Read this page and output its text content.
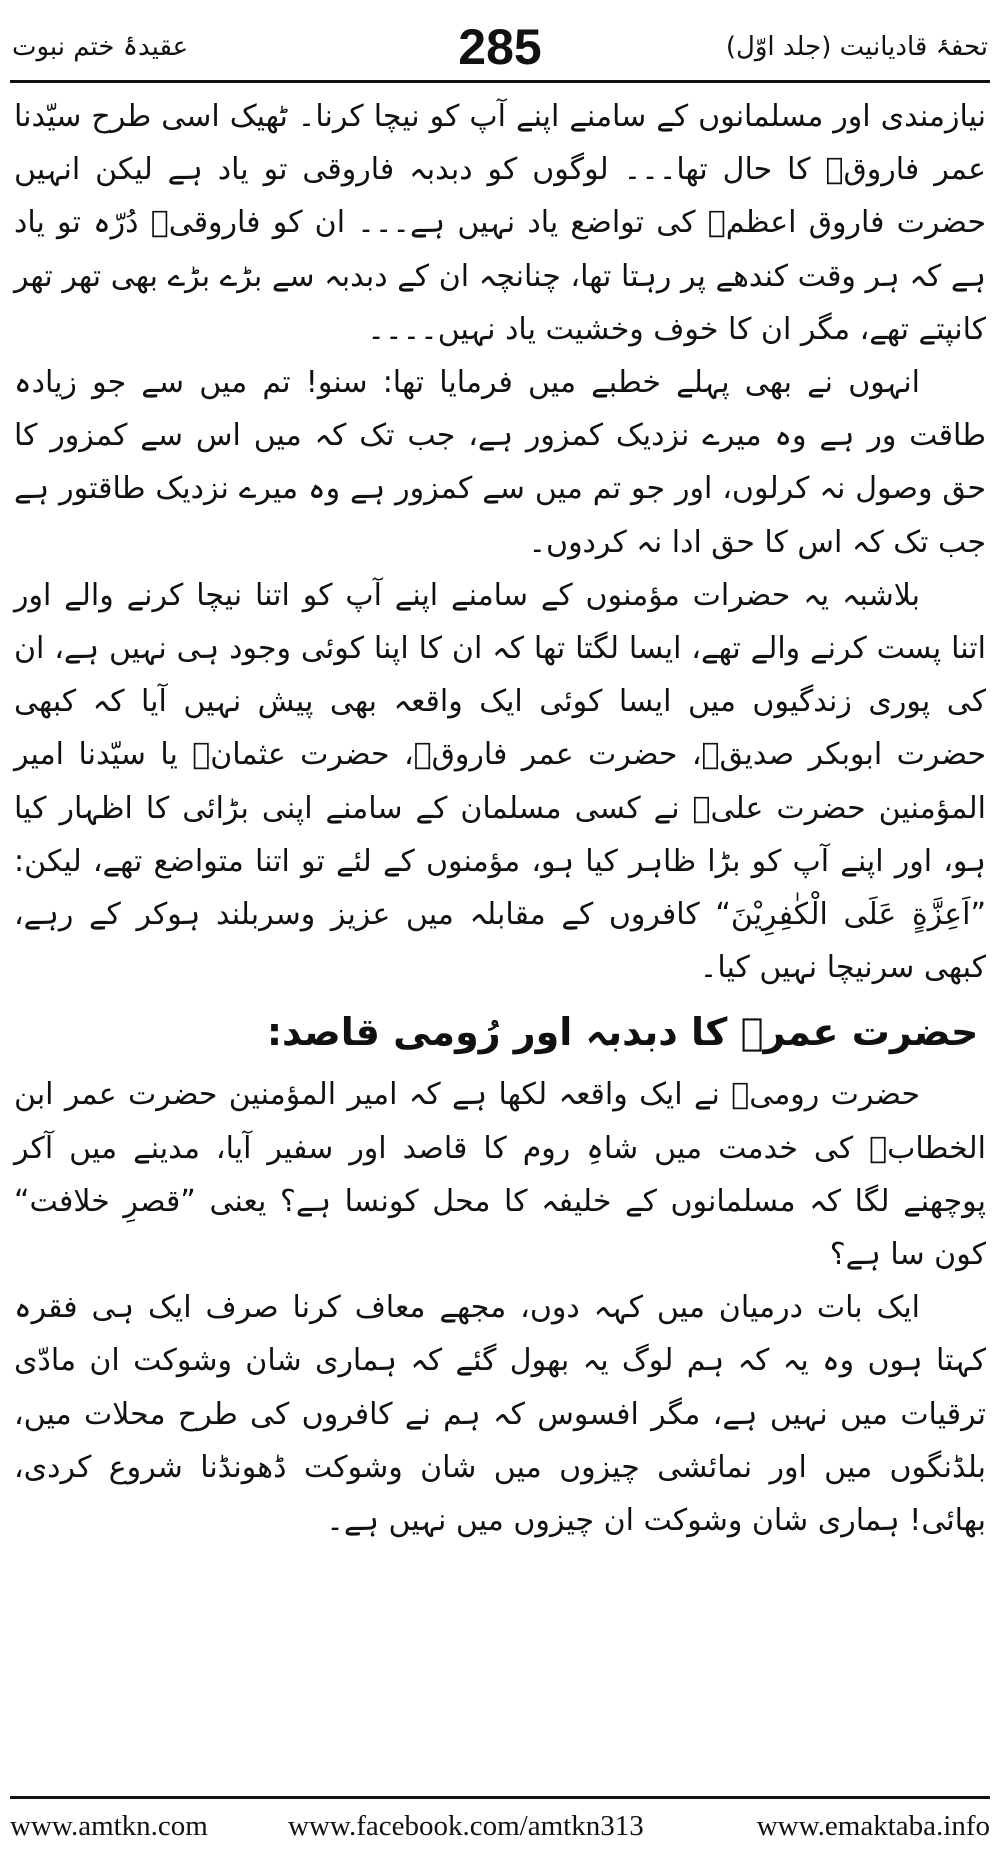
عقیدۂ ختم نبوت	285	تحفۂ قادیانیت (جلد اوّل)

نیازمندی اور مسلمانوں کے سامنے اپنے آپ کو نیچا کرنا۔ ٹھیک اسی طرح سیّدنا عمر فاروقؓ کا حال تھا۔۔۔ لوگوں کو دبدبہ فاروقی تو یاد ہے لیکن انہیں حضرت فاروق اعظمؓ کی تواضع یاد نہیں ہے۔۔۔ ان کو فاروقیؓ دُرّہ تو یاد ہے کہ ہر وقت کندھے پر رہتا تھا، چنانچہ ان کے دبدبہ سے بڑے بڑے بھی تھر تھر کانپتے تھے، مگر ان کا خوف وخشیت یاد نہیں۔۔۔۔

انہوں نے بھی پہلے خطبے میں فرمایا تھا: سنو! تم میں سے جو زیادہ طاقت ور ہے وہ میرے نزدیک کمزور ہے، جب تک کہ میں اس سے کمزور کا حق وصول نہ کرلوں، اور جو تم میں سے کمزور ہے وہ میرے نزدیک طاقتور ہے جب تک کہ اس کا حق ادا نہ کردوں۔

بلاشبہ یہ حضرات مؤمنوں کے سامنے اپنے آپ کو اتنا نیچا کرنے والے اور اتنا پست کرنے والے تھے، ایسا لگتا تھا کہ ان کا اپنا کوئی وجود ہی نہیں ہے، ان کی پوری زندگیوں میں ایسا کوئی ایک واقعہ بھی پیش نہیں آیا کہ کبھی حضرت ابوبکر صدیقؓ، حضرت عمر فاروقؓ، حضرت عثمانؓ یا سیّدنا امیر المؤمنین حضرت علیؓ نے کسی مسلمان کے سامنے اپنی بڑائی کا اظہار کیا ہو، اور اپنے آپ کو بڑا ظاہر کیا ہو، مؤمنوں کے لئے تو اتنا متواضع تھے، لیکن: ”اَعِزَّةٍ عَلَى الْكٰفِرِيْنَ“ کافروں کے مقابلہ میں عزیز وسربلند ہوکر کے رہے، کبھی سرنیچا نہیں کیا۔

حضرت عمرؓ کا دبدبہ اور رُومی قاصد:

حضرت رومیؒ نے ایک واقعہ لکھا ہے کہ امیر المؤمنین حضرت عمر ابن الخطابؓ کی خدمت میں شاہِ روم کا قاصد اور سفیر آیا، مدینے میں آکر پوچھنے لگا کہ مسلمانوں کے خلیفہ کا محل کونسا ہے؟ یعنی ”قصرِ خلافت“ کون سا ہے؟

ایک بات درمیان میں کہہ دوں، مجھے معاف کرنا صرف ایک ہی فقرہ کہتا ہوں وہ یہ کہ ہم لوگ یہ بھول گئے کہ ہماری شان وشوکت ان مادّی ترقیات میں نہیں ہے، مگر افسوس کہ ہم نے کافروں کی طرح محلات میں، بلڈنگوں میں اور نمائشی چیزوں میں شان وشوکت ڈھونڈنا شروع کردی، بھائی! ہماری شان وشوکت ان چیزوں میں نہیں ہے۔

www.amtkn.com	www.facebook.com/amtkn313	www.emaktaba.info
